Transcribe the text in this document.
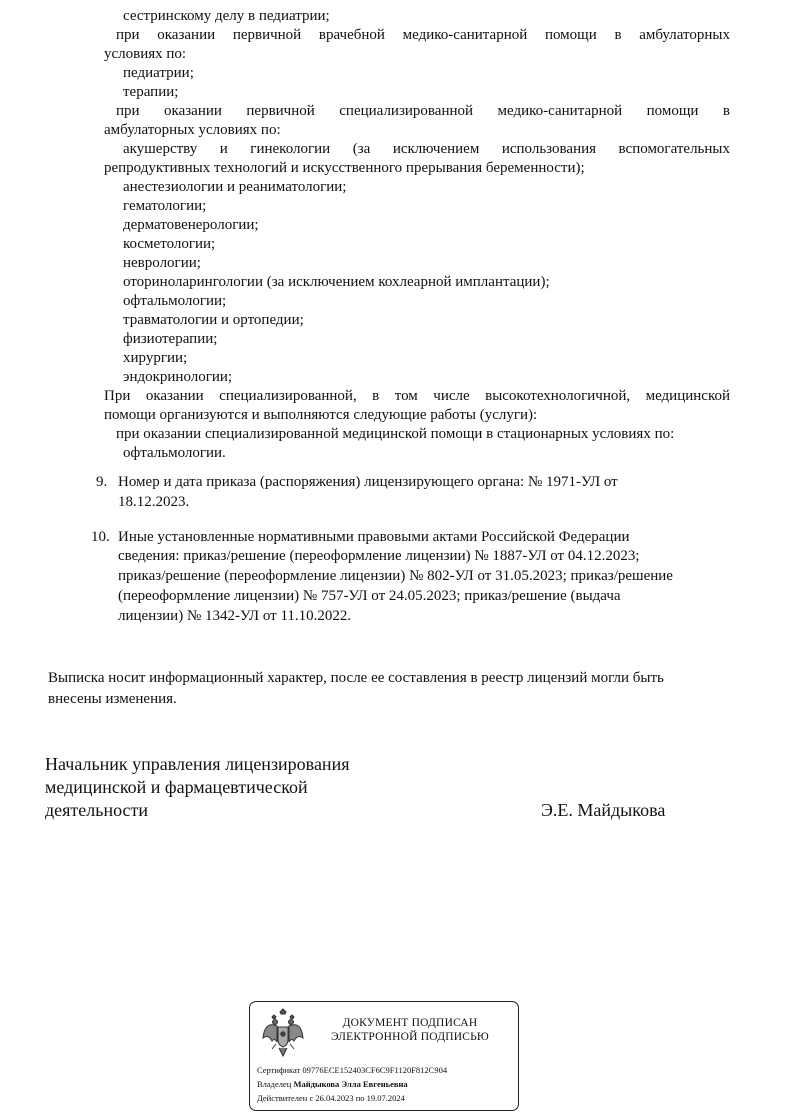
сестринскому делу в педиатрии;
при оказании первичной врачебной медико-санитарной помощи в амбулаторных
условиях по:
педиатрии;
терапии;
при оказании первичной специализированной медико-санитарной помощи в
амбулаторных условиях по:
акушерству и гинекологии (за исключением использования вспомогательных
репродуктивных технологий и искусственного прерывания беременности);
анестезиологии и реаниматологии;
гематологии;
дерматовенерологии;
косметологии;
неврологии;
оториноларингологии (за исключением кохлеарной имплантации);
офтальмологии;
травматологии и ортопедии;
физиотерапии;
хирургии;
эндокринологии;
При оказании специализированной, в том числе высокотехнологичной, медицинской
помощи организуются и выполняются следующие работы (услуги):
при оказании специализированной медицинской помощи в стационарных условиях по:
офтальмологии.
9. Номер и дата приказа (распоряжения) лицензирующего органа: № 1971-УЛ от
18.12.2023.
10. Иные установленные нормативными правовыми актами Российской Федерации
сведения: приказ/решение (переоформление лицензии) № 1887-УЛ от 04.12.2023;
приказ/решение (переоформление лицензии) № 802-УЛ от 31.05.2023; приказ/решение
(переоформление лицензии) № 757-УЛ от 24.05.2023; приказ/решение (выдача
лицензии) № 1342-УЛ от 11.10.2022.
Выписка носит информационный характер, после ее составления в реестр лицензий могли быть
внесены изменения.
Начальник управления лицензирования
медицинской и фармацевтической
деятельности	Э.Е. Майдыкова
ДОКУМЕНТ ПОДПИСАН
ЭЛЕКТРОННОЙ ПОДПИСЬЮ
Сертификат 09776ECE152403CF6C9F1120F812C904
Владелец Майдыкова Элла Евгеньевна
Действителен с 26.04.2023 по 19.07.2024
